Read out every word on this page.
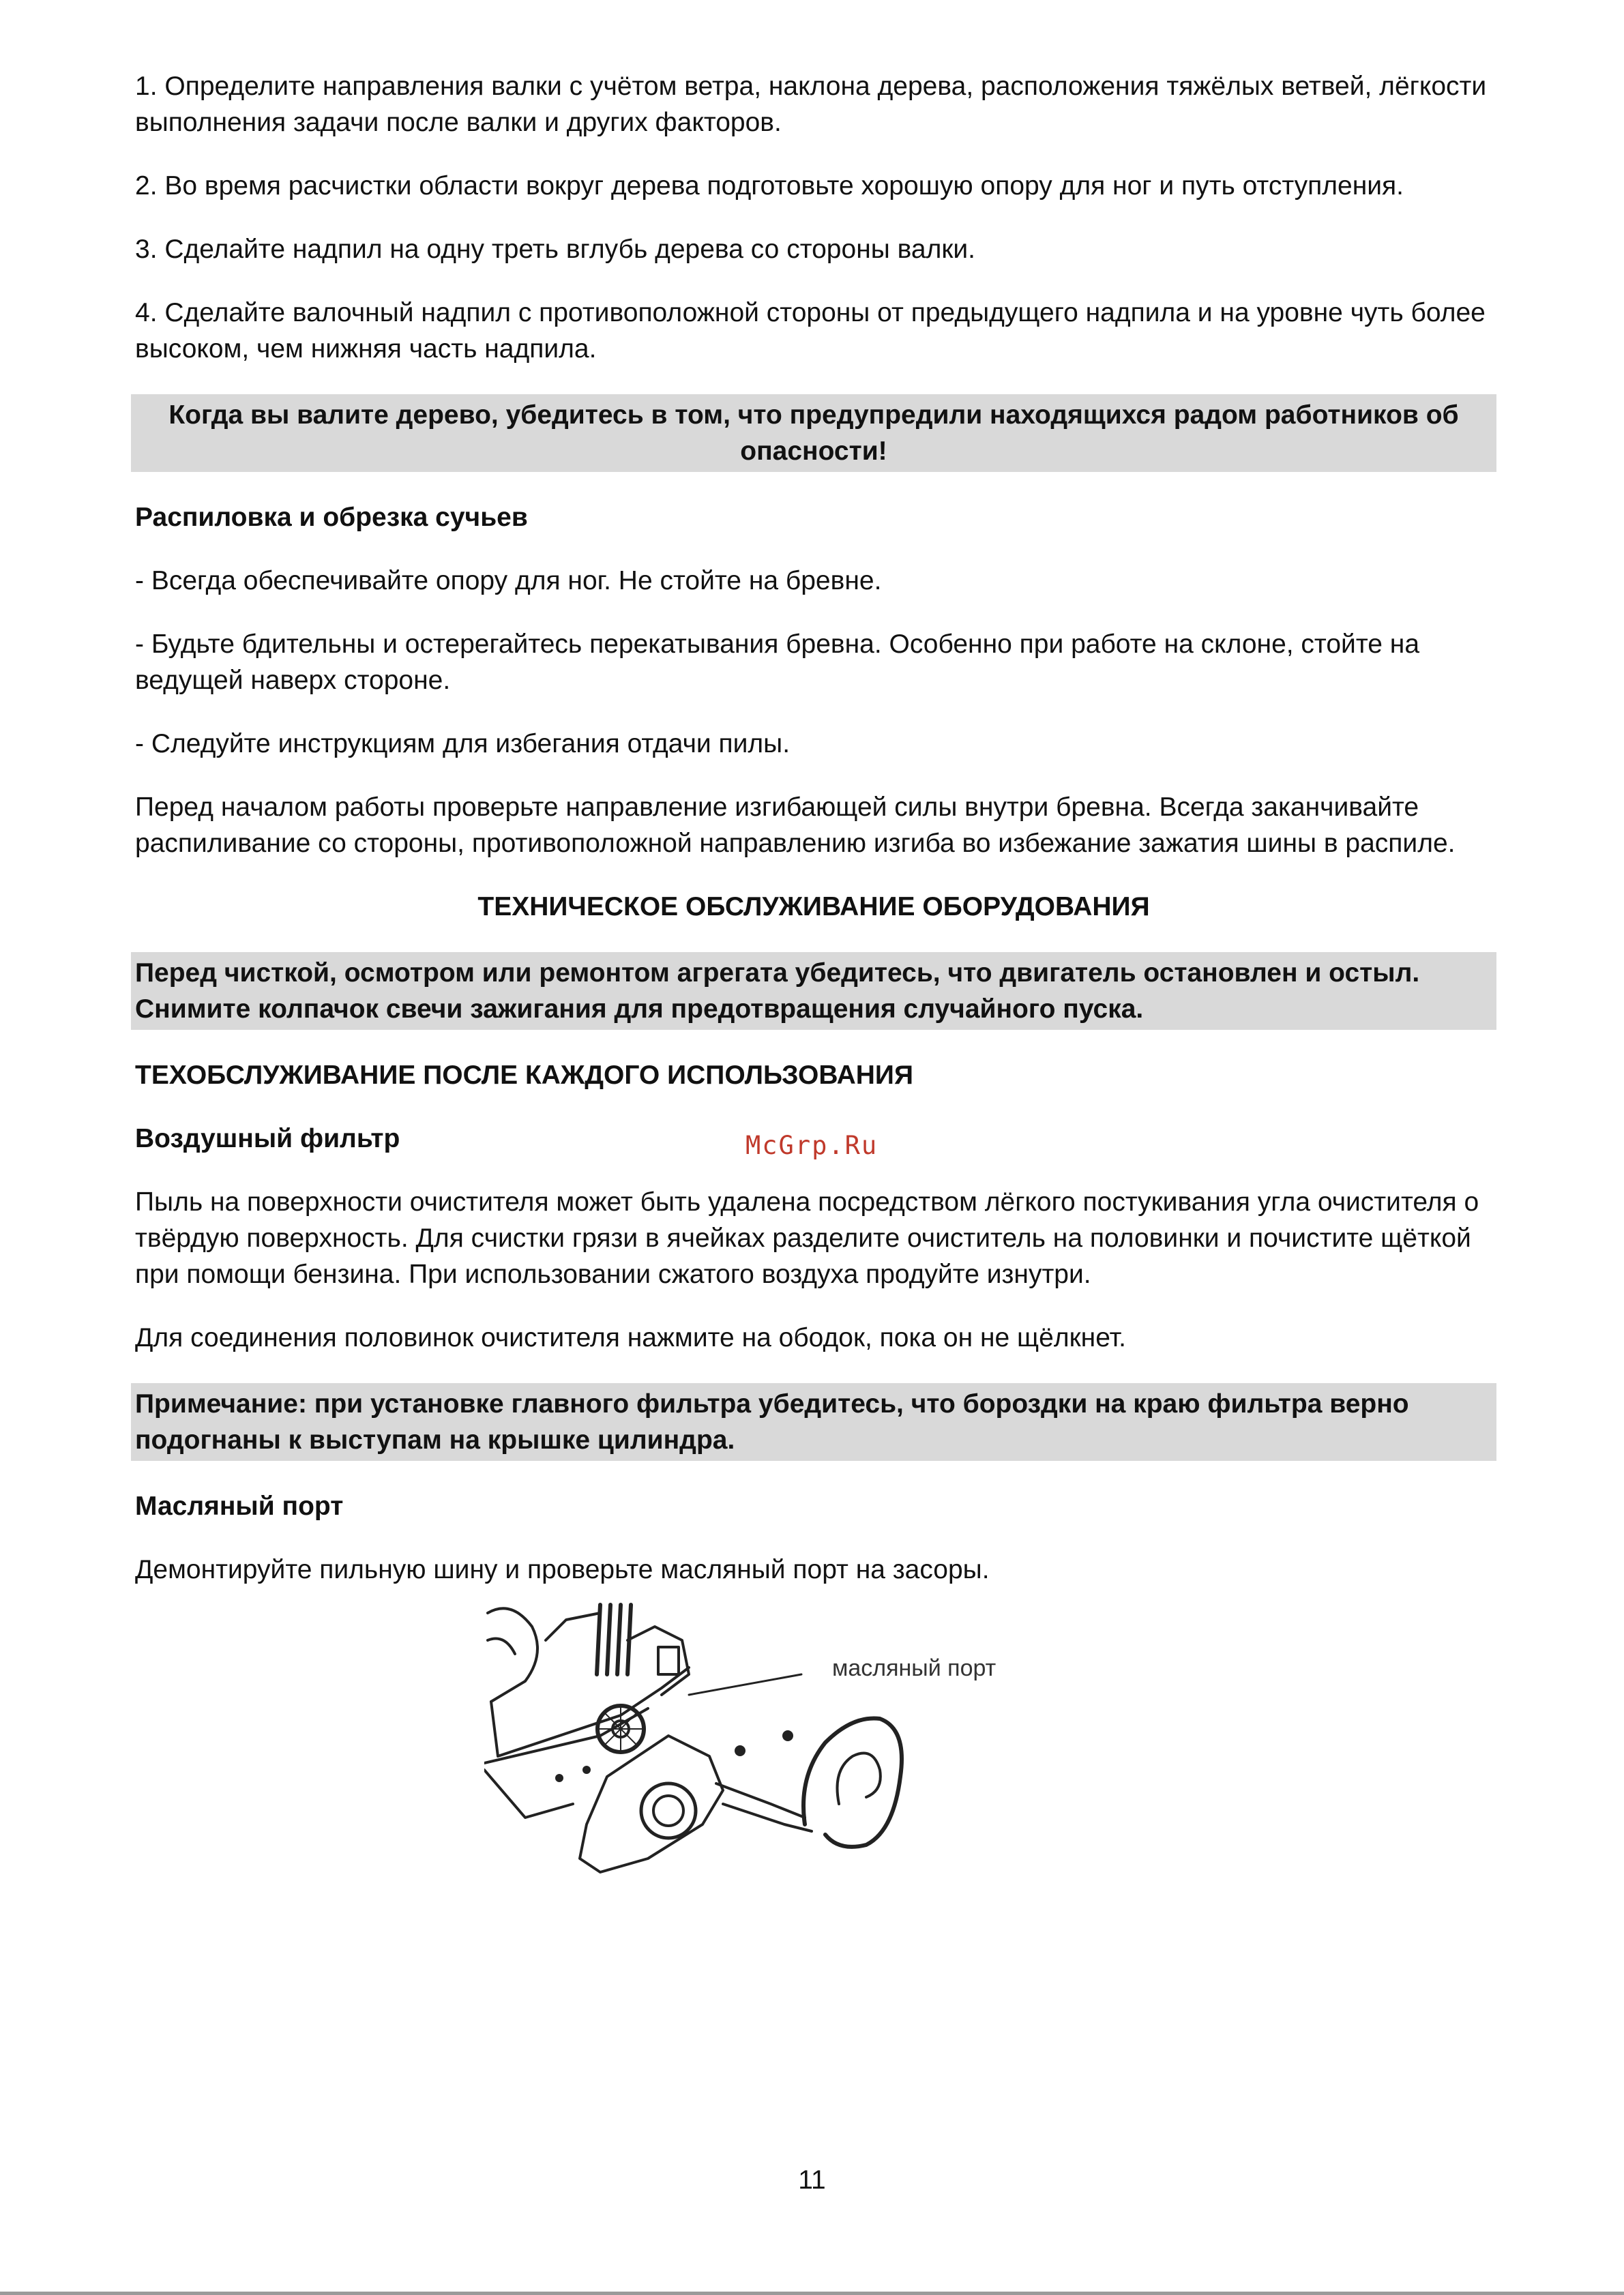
1. Определите направления валки с учётом ветра, наклона дерева, расположения тяжёлых ветвей, лёгкости выполнения задачи после валки и других факторов.

2. Во время расчистки области вокруг дерева подготовьте хорошую опору для ног и путь отступления.

3. Сделайте надпил на одну треть вглубь дерева со стороны валки.

4. Сделайте валочный надпил с противоположной стороны от предыдущего надпила и на уровне чуть более высоком, чем нижняя часть надпила.

Когда вы валите дерево, убедитесь в том, что предупредили находящихся радом работников об опасности!

Распиловка и обрезка сучьев

- Всегда обеспечивайте опору для ног. Не стойте на бревне.

- Будьте бдительны и остерегайтесь перекатывания бревна. Особенно при работе на склоне, стойте на ведущей наверх стороне.

- Следуйте инструкциям для избегания отдачи пилы.

Перед началом работы проверьте направление изгибающей силы внутри бревна. Всегда заканчивайте распиливание со стороны, противоположной направлению изгиба во избежание зажатия шины в распиле.

ТЕХНИЧЕСКОЕ ОБСЛУЖИВАНИЕ ОБОРУДОВАНИЯ

Перед чисткой, осмотром или ремонтом агрегата убедитесь, что двигатель остановлен и остыл. Снимите колпачок свечи зажигания для предотвращения случайного пуска.

ТЕХОБСЛУЖИВАНИЕ ПОСЛЕ КАЖДОГО ИСПОЛЬЗОВАНИЯ

Воздушный фильтр

Пыль на поверхности очистителя может быть удалена посредством лёгкого постукивания угла очистителя о твёрдую поверхность. Для счистки грязи в ячейках разделите очиститель на половинки и почистите щёткой при помощи бензина. При использовании сжатого воздуха продуйте изнутри.

Для соединения половинок очистителя нажмите на ободок, пока он не щёлкнет.

Примечание: при установке главного фильтра убедитесь, что бороздки на краю фильтра верно подогнаны к выступам на крышке цилиндра.

Масляный порт

Демонтируйте пильную шину и проверьте масляный порт на засоры.

McGrp.Ru
масляный порт
11
